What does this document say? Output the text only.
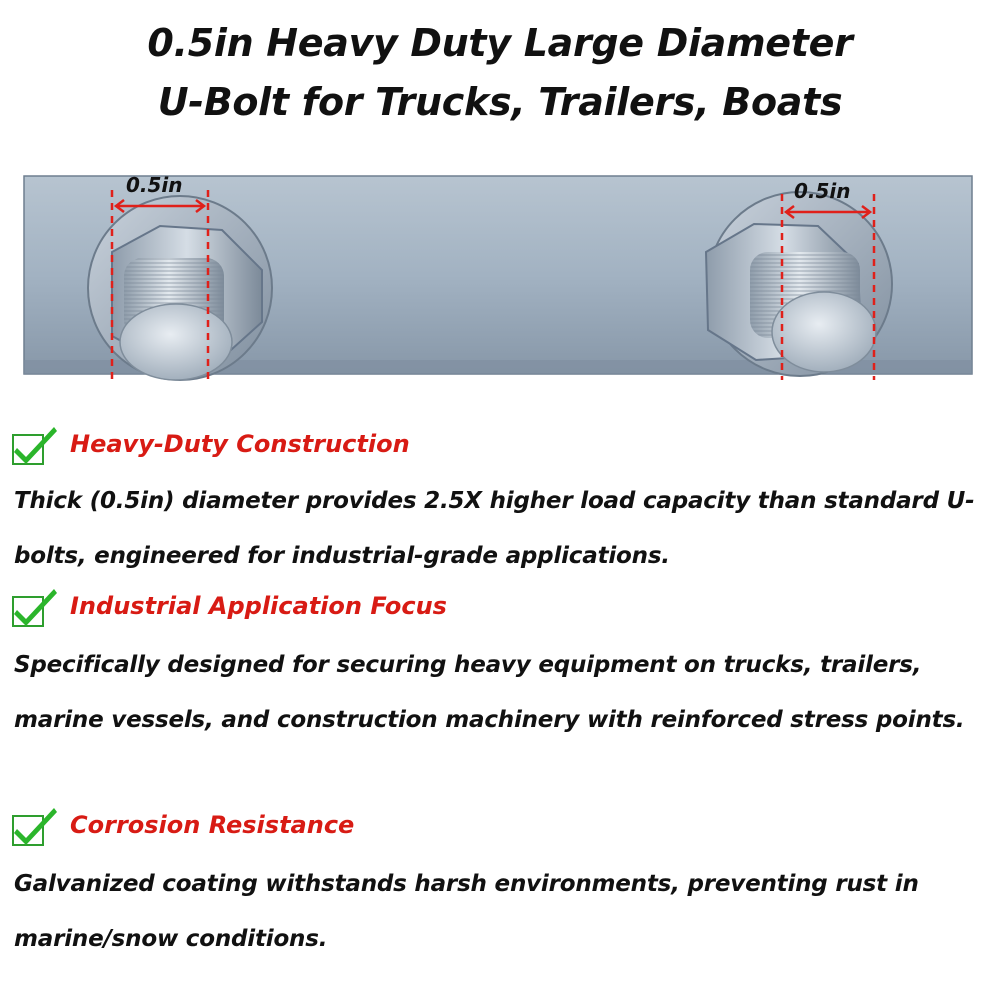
0.5in Heavy Duty Large Diameter
U-Bolt for Trucks, Trailers, Boats
0.5in	0.5in
Heavy-Duty Construction
Thick (0.5in) diameter provides 2.5X higher load capacity than standard U-bolts, engineered for industrial-grade applications.
Industrial Application Focus
Specifically designed for securing heavy equipment on trucks, trailers, marine vessels, and construction machinery with reinforced stress points.
Corrosion Resistance
Galvanized coating withstands harsh environments, preventing rust in marine/snow conditions.
